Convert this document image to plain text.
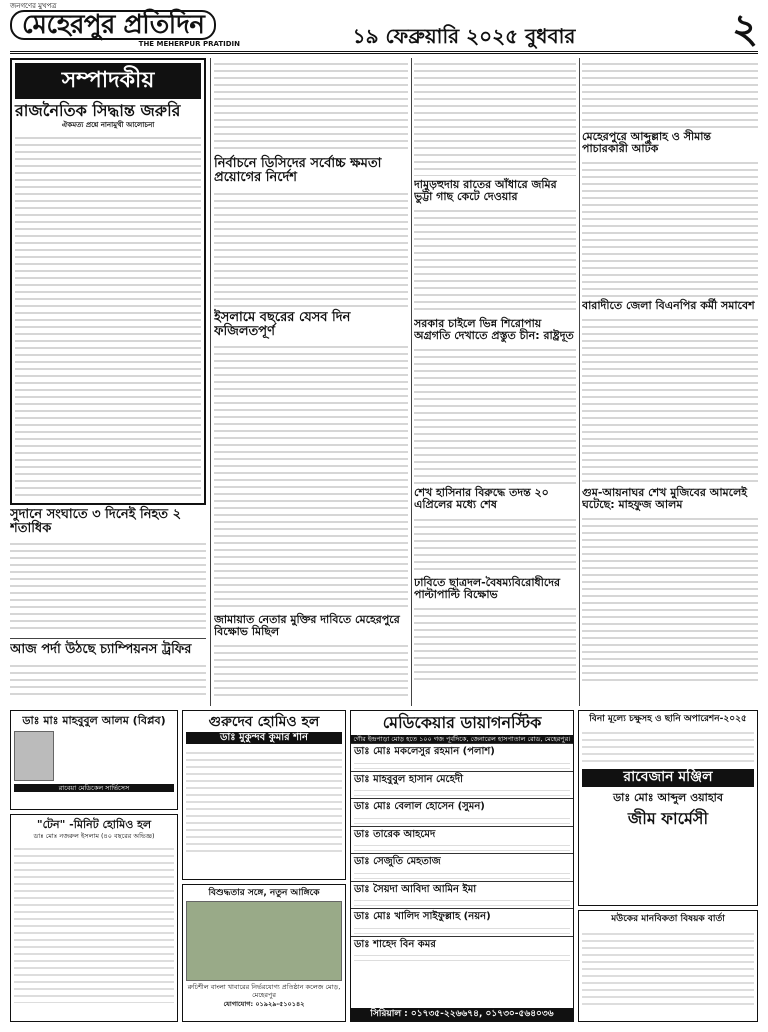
জনগণের মুখপত্র
মেহেরপুর প্রতিদিন
THE MEHERPUR PRATIDIN	১৯ ফেব্রুয়ারি ২০২৫ বুধবার	২
সম্পাদকীয়
রাজনৈতিক সিদ্ধান্ত জরুরি
ঐকমত্য প্রশ্নে নানামুখী আলোচনা
সুদানে সংঘাতে ৩ দিনেই নিহত ২ শতাধিক
আজ পর্দা উঠছে চ্যাম্পিয়নস ট্রফির
নির্বাচনে ডিসিদের সর্বোচ্চ ক্ষমতা প্রয়োগের নির্দেশ
ইসলামে বছরের যেসব দিন ফজিলতপূর্ণ
জামায়াত নেতার মুক্তির দাবিতে মেহেরপুরে বিক্ষোভ মিছিল
দামুড়হুদায় রাতের আঁধারে জমির ভুট্টা গাছ কেটে দেওয়ার
সরকার চাইলে ভিন্ন শিরোপায় অগ্রগতি দেখাতে প্রস্তুত চীন: রাষ্ট্রদূত
শেখ হাসিনার বিরুদ্ধে তদন্ত ২০ এপ্রিলের মধ্যে শেষ
ঢাবিতে ছাত্রদল-বৈষম্যবিরোধীদের পাল্টাপাল্টি বিক্ষোভ
মেহেরপুরে আব্দুল্লাহ ও সীমান্ত পাচারকারী আটক
বারাদীতে জেলা বিএনপির কর্মী সমাবেশ
গুম-আয়নাঘর শেখ মুজিবের আমলেই ঘটেছে: মাহফুজ আলম
ডাঃ মাঃ মাহবুবুল আলম (বিপ্লব)
রাবেয়া মেডিকেল সার্ভিসেস
"টেন" -মিনিট হোমিও হল
ডাঃ মোঃ নজরুল ইসলাম (৪০ বছরের অভিজ্ঞ)
গুরুদেব হোমিও হল
ডাঃ মুকুন্দব কুমার শান
বিশুদ্ধতার সঙ্গে, নতুন আঙ্গিকে
রুচিশীল বাংলা খাবারের নির্ভরযোগ্য প্রতিষ্ঠান কলেজ মোড়, মেহেরপুর
যোগাযোগ: ০১৯২৯-৫১০১৪২
মেডিকেয়ার ডায়াগনস্টিক
গৌর ইন্দ্রপাড়া মোড় হতে ১০০ গজ পূর্বদিকে, জেনারেল হাসপাতাল রোড, মেহেরপুর।
ডাঃ মোঃ মকলেসুর রহমান (পলাশ)
ডাঃ মাহবুবুল হাসান মেহেদী
ডাঃ মোঃ বেলাল হোসেন (সুমন)
ডাঃ তারেক আহমেদ
ডাঃ সেজুতি মেহতাজ
ডাঃ সৈয়দা আবিদা আমিন ইমা
ডাঃ মোঃ খালিদ সাইফুল্লাহ (নয়ন)
ডাঃ শাহেদ বিন কমর
সিরিয়াল : ০১৭৩৫-২২৬৬৭৪, ০১৭৩০-৫৬৪০৩৬
বিনা মূল্যে চক্ষুসহ ও ছানি অপারেশন-২০২৫
রাবেজান মঞ্জিল
ডাঃ মোঃ আব্দুল ওয়াহাব
জীম ফার্মেসী
মউকের মানবিকতা বিষয়ক বার্তা
